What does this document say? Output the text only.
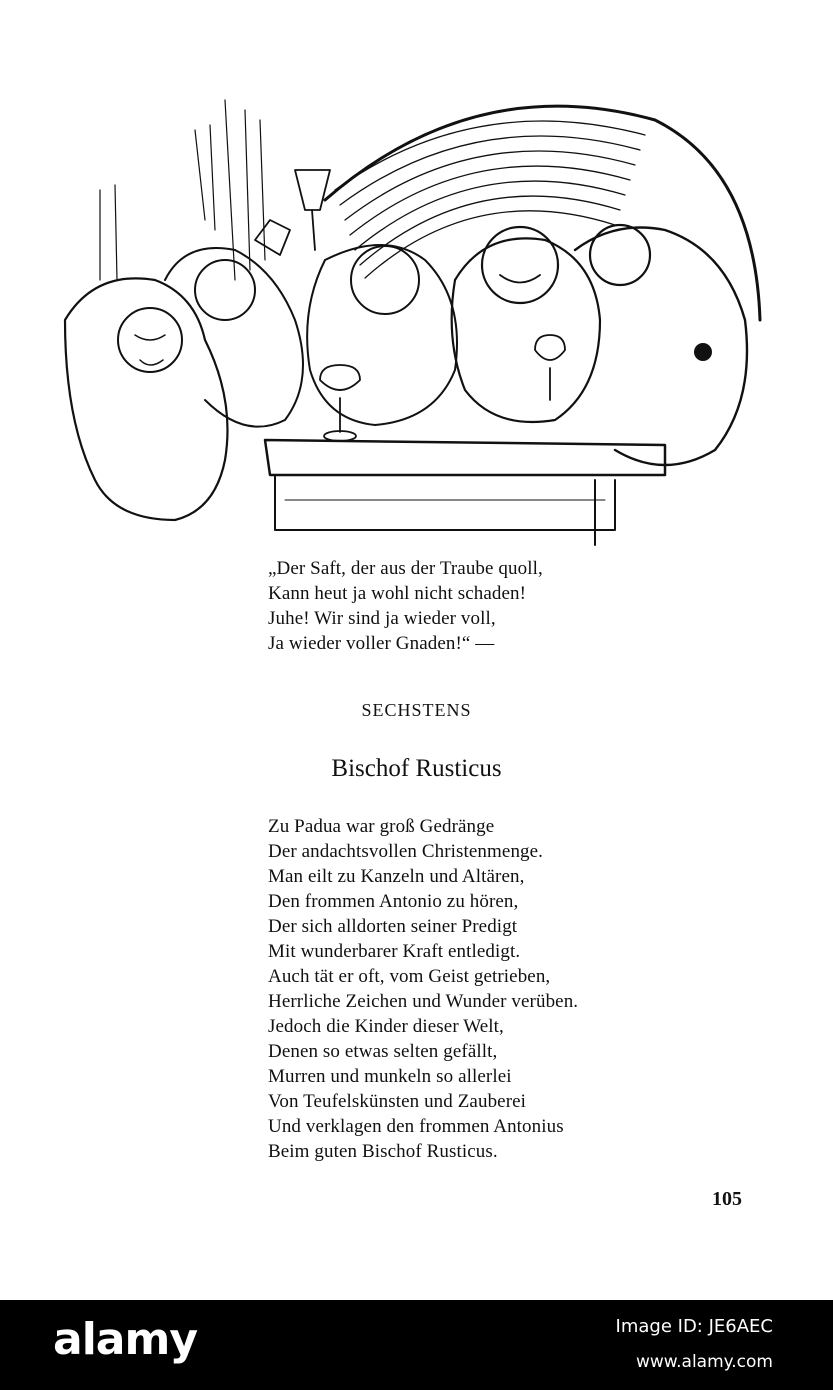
„Der Saft, der aus der Traube quoll,
Kann heut ja wohl nicht schaden!
Juhe! Wir sind ja wieder voll,
Ja wieder voller Gnaden!“ —
SECHSTENS
Bischof Rusticus
Zu Padua war groß Gedränge
Der andachtsvollen Christenmenge.
Man eilt zu Kanzeln und Altären,
Den frommen Antonio zu hören,
Der sich alldorten seiner Predigt
Mit wunderbarer Kraft entledigt.
Auch tät er oft, vom Geist getrieben,
Herrliche Zeichen und Wunder verüben.
Jedoch die Kinder dieser Welt,
Denen so etwas selten gefällt,
Murren und munkeln so allerlei
Von Teufelskünsten und Zauberei
Und verklagen den frommen Antonius
Beim guten Bischof Rusticus.
105
alamy	Image ID: JE6AEC
www.alamy.com
